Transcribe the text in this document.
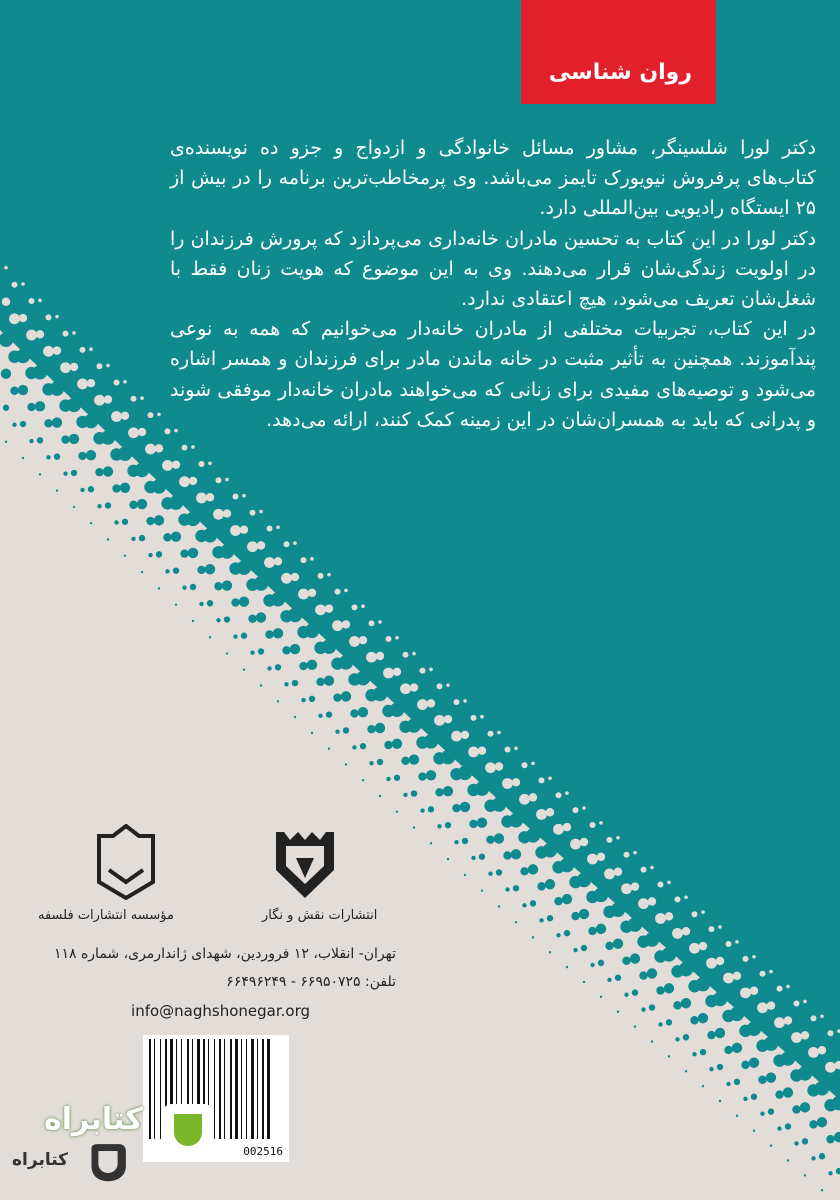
روان شناسی

دکتر لورا شلسینگر، مشاور مسائل خانوادگی و ازدواج و جزو ده نویسنده‌ی کتاب‌های پرفروش نیویورک تایمز می‌باشد. وی پرمخاطب‌ترین برنامه را در بیش از ۲۵ ایستگاه رادیویی بین‌المللی دارد.

دکتر لورا در این کتاب به تحسین مادران خانه‌داری می‌پردازد که پرورش فرزندان را در اولویت زندگی‌شان قرار می‌دهند. وی به این موضوع که هویت زنان فقط با شغل‌شان تعریف می‌شود، هیچ اعتقادی ندارد.

در این کتاب، تجربیات مختلفی از مادران خانه‌دار می‌خوانیم که همه به نوعی پندآموزند. همچنین به تأثیر مثبت در خانه ماندن مادر برای فرزندان و همسر اشاره می‌شود و توصیه‌های مفیدی برای زنانی که می‌خواهند مادران خانه‌دار موفقی شوند و پدرانی که باید به همسران‌شان در این زمینه کمک کنند، ارائه می‌دهد.

مؤسسه انتشارات فلسفه	انتشارات نقش و نگار
تهران- انقلاب، ۱۲ فروردین، شهدای ژاندارمری، شماره ۱۱۸
تلفن: ۶۶۹۵۰۷۲۵ - ۶۶۴۹۶۲۴۹
info@naghshonegar.org
002516
کتابراه
کتابراه
